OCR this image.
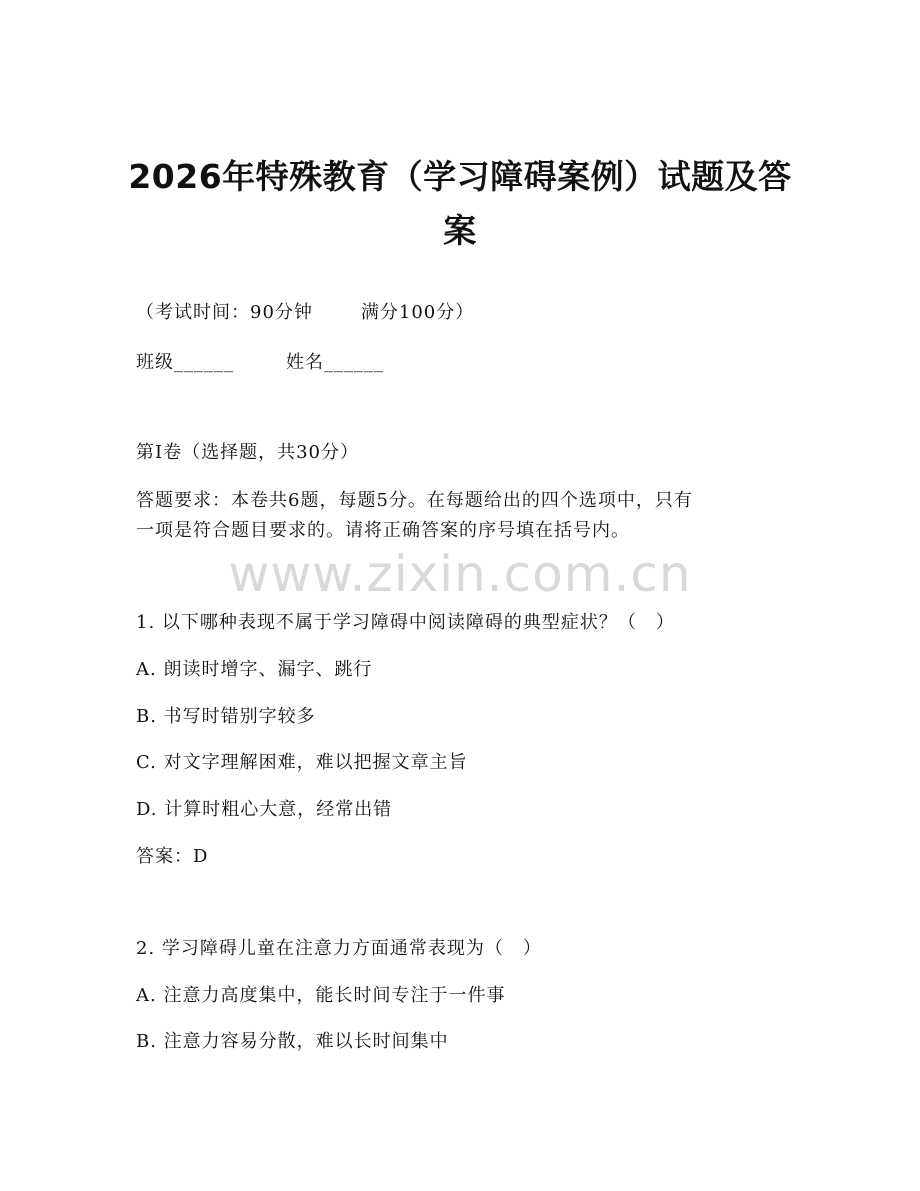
www.zixin.com.cn
2026年特殊教育（学习障碍案例）试题及答
案
（考试时间：90分钟	满分100分）
班级______	姓名______
第I卷（选择题，共30分）
答题要求：本卷共6题，每题5分。在每题给出的四个选项中，只有
一项是符合题目要求的。请将正确答案的序号填在括号内。
1. 以下哪种表现不属于学习障碍中阅读障碍的典型症状？（　）
A. 朗读时增字、漏字、跳行
B. 书写时错别字较多
C. 对文字理解困难，难以把握文章主旨
D. 计算时粗心大意，经常出错
答案：D
2. 学习障碍儿童在注意力方面通常表现为（　）
A. 注意力高度集中，能长时间专注于一件事
B. 注意力容易分散，难以长时间集中
